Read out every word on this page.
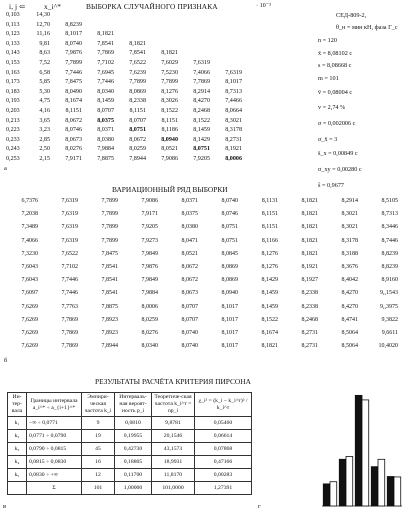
i, j ⇐	x_i^*	ВЫБОРКА СЛУЧАЙНОГО ПРИЗНАКА	· 10⁻³
0,103	14,30
0,113	12,70	8,8239
0,123	11,16	8,1017	8,1821
0,133	9,81	8,0740	7,8541	8,1821
0,143	8,63	7,9876	7,7869	7,8541	8,1821
0,153	7,52	7,7899	7,7102	7,6522	7,6029	7,6319
0,163	6,58	7,7446	7,6945	7,6239	7,5230	7,4066	7,6319
0,173	5,85	7,8475	7,7446	7,7899	7,7899	7,7869	8,1017
0,183	5,30	8,0490	8,0340	8,0869	8,1276	8,2914	8,7313
0,193	4,75	8,1674	8,1459	8,2338	8,3026	8,4270	7,4466
0,203	4,16	8,1151	8,0707	8,1151	8,1522	8,2468	8,0664
0,213	3,65	8,0672	8,0375	8,0707	8,1151	8,1522	8,3021
0,223	3,23	8,0746	8,0371	8,0751	8,1186	8,1459	8,3178
0,233	2,85	8,0673	8,0380	8,0672	8,0940	8,1429	8,2731
0,243	2,50	8,0276	7,9884	8,0259	8,0521	8,0751	8,1921
0,253	2,15	7,9171	7,8875	7,8944	7,9086	7,9205	8,0006
а
СЕД-809-2,
θ_н = мин кН, фаза Г_с
n = 120
x̄ = 8,08102 c
s = 8,08668 c
m = 101
v̄ = 0,08004 c
v = 2,74 %
σ = 0,002006 c
σ_x̄ = 3
s̄_x = 0,00849 c
σ_xy = 0,00280 c
ŝ = 0,9677
ВАРИАЦИОННЫЙ РЯД ВЫБОРКИ
6,7376	7,6319	7,7899	7,9086	8,0371	8,0740	8,1131	8,1821	8,2914	8,5105
7,2038	7,6319	7,7899	7,9171	8,0375	8,0746	8,1151	8,1821	8,3021	8,7313
7,3489	7,6319	7,7899	7,9205	8,0380	8,0751	8,1151	8,1821	8,3021	8,3446
7,4066	7,6319	7,7899	7,9273	8,0471	8,0751	8,1166	8,1821	8,3178	8,7446
7,3230	7,6522	7,8475	7,9849	8,0521	8,0845	8,1276	8,1821	8,3188	8,8239
7,6043	7,7102	7,8541	7,9876	8,0672	8,0869	8,1276	8,1921	8,3676	8,8239
7,6043	7,7446	7,8541	7,9849	8,0672	8,0869	8,1429	8,1927	8,4042	8,9160
7,6097	7,7446	7,8541	7,9884	8,0673	8,0940	8,1459	8,2338	8,4270	9,,1543
7,6269	7,7763	7,8875	8,0006	8,0707	8,1017	8,1459	8,2338	8,4270	9,,3975
7,6269	7,7869	7,8923	8,0259	8,0707	8,1017	8,1522	8,2468	8,4741	9,3822
7,6269	7,7869	7,8923	8,0276	8,0740	8,1017	8,1674	8,2731	8,5064	9,6611
7,6269	7,7869	7,8944	8,0340	8,0740	8,1017	8,1821	8,2731	8,5064	10,4020
б
РЕЗУЛЬТАТЫ РАСЧЁТА КРИТЕРИЯ ПИРСОНА
Ин-тер-вала	Границы интервала a_i^* ÷ a_{i+1}^*	Эмпири-ческая частота k_i	Интерваль-ная вероят-ность p_i	Теоретиче-ская частота k_i^т = np_i	χ_i² = (k_i − k_i^т)² / k_i^т
k₁	−∞ ÷ 0,0771	9	0,0810	9,8781	0,05460
k₂	0,0771 ÷ 0,0790	19	0,19955	20,1546	0,06614
k₃	0,0790 ÷ 0,0815	45	0,42730	43,1573	0,07868
k₄	0,0815 ÷ 0,0830	16	0,18805	18,9931	0,47166
k₅	0,0830 ÷ +∞	12	0,11700	11,8170	0,00283
	Σ	101	1,00000	101,0000	1,27391
в	г
